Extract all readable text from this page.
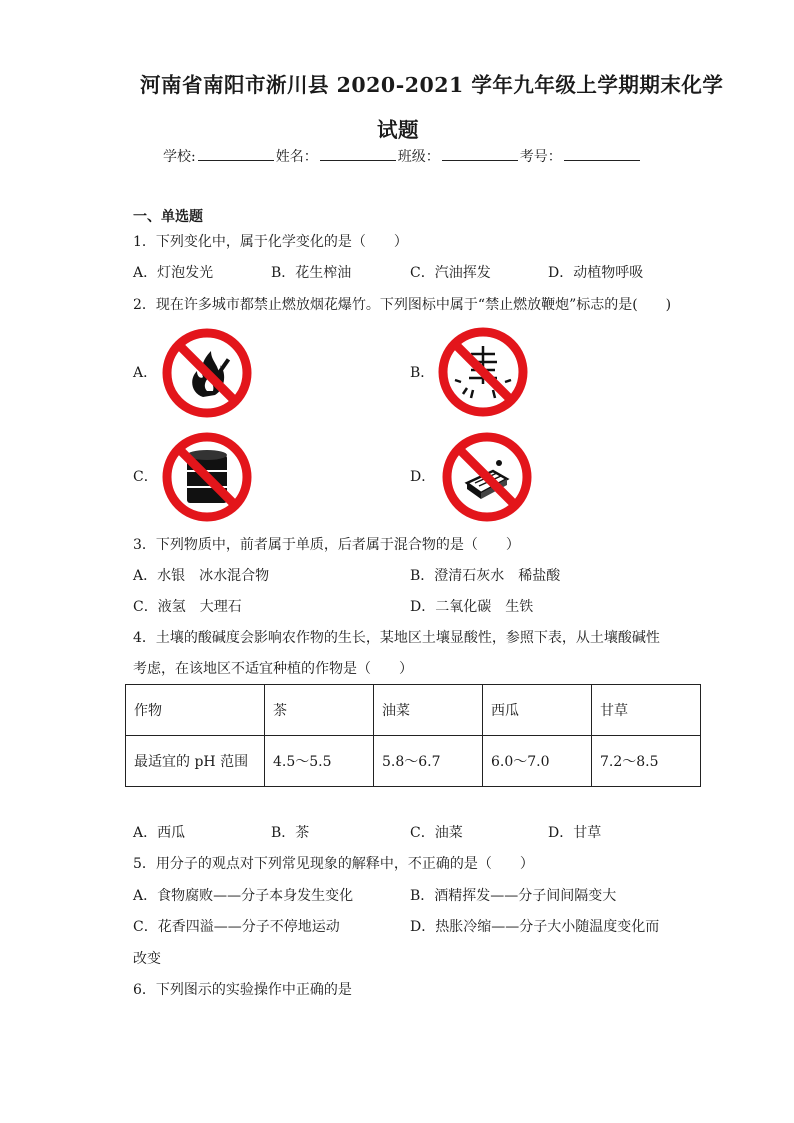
河南省南阳市淅川县 2020-2021 学年九年级上学期期末化学
试题
学校:	姓名：	班级：	考号：
一、单选题
1．下列变化中，属于化学变化的是（　　）
A．灯泡发光	B．花生榨油	C．汽油挥发	D．动植物呼吸
2．现在许多城市都禁止燃放烟花爆竹。下列图标中属于“禁止燃放鞭炮”标志的是(　　)
A．	B．
C．	D．
3．下列物质中，前者属于单质，后者属于混合物的是（　　）
A．水银　冰水混合物	B．澄清石灰水　稀盐酸
C．液氢　大理石	D．二氧化碳　生铁
4．土壤的酸碱度会影响农作物的生长，某地区土壤显酸性，参照下表，从土壤酸碱性
考虑，在该地区不适宜种植的作物是（　　）
作物	茶	油菜	西瓜	甘草
最适宜的 pH 范围	4.5～5.5	5.8～6.7	6.0～7.0	7.2～8.5
A．西瓜	B．茶	C．油菜	D．甘草
5．用分子的观点对下列常见现象的解释中，不正确的是（　　）
A．食物腐败——分子本身发生变化	B．酒精挥发——分子间间隔变大
C．花香四溢——分子不停地运动	D．热胀冷缩——分子大小随温度变化而
改变
6．下列图示的实验操作中正确的是
